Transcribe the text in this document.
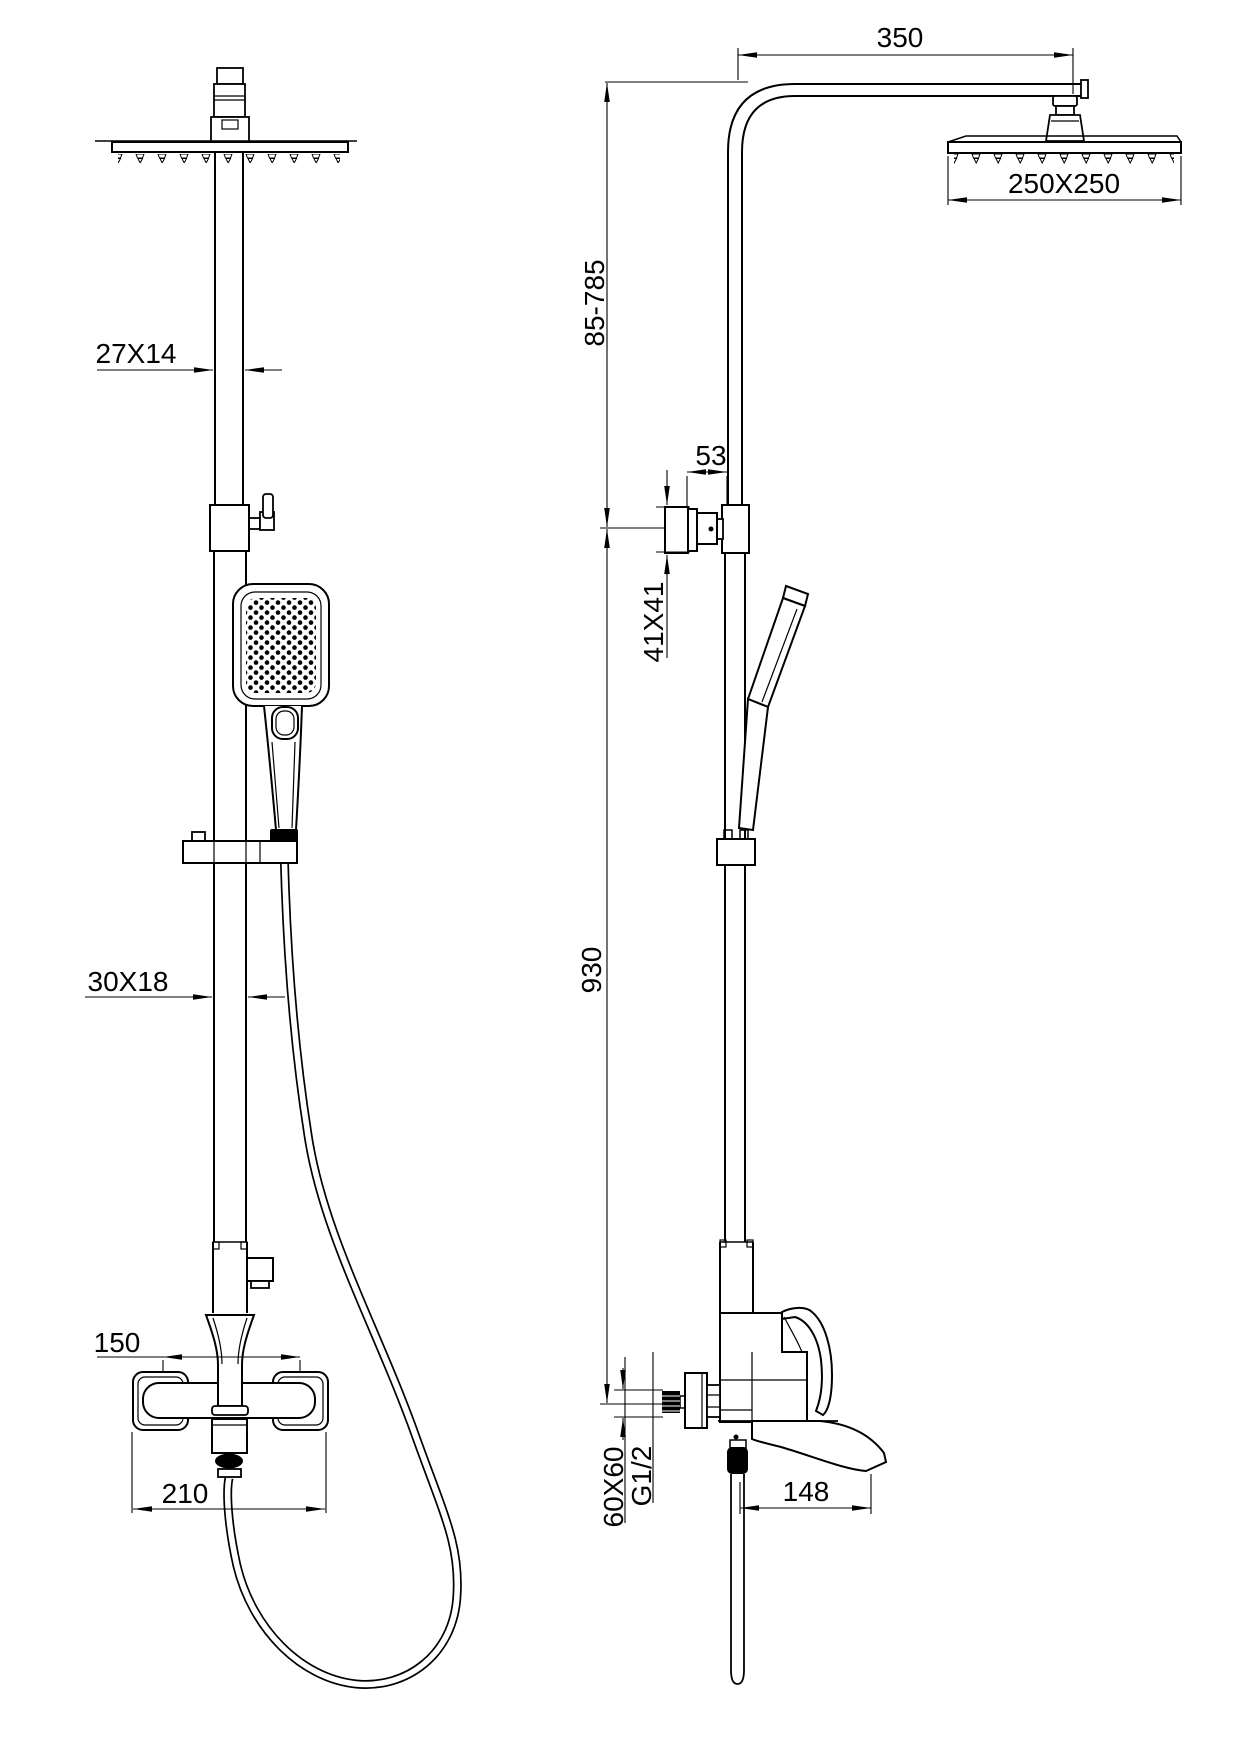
27X14
30X18
150
210
350
250X250
85-785
930
53
41X41
60X60
G1/2	148
